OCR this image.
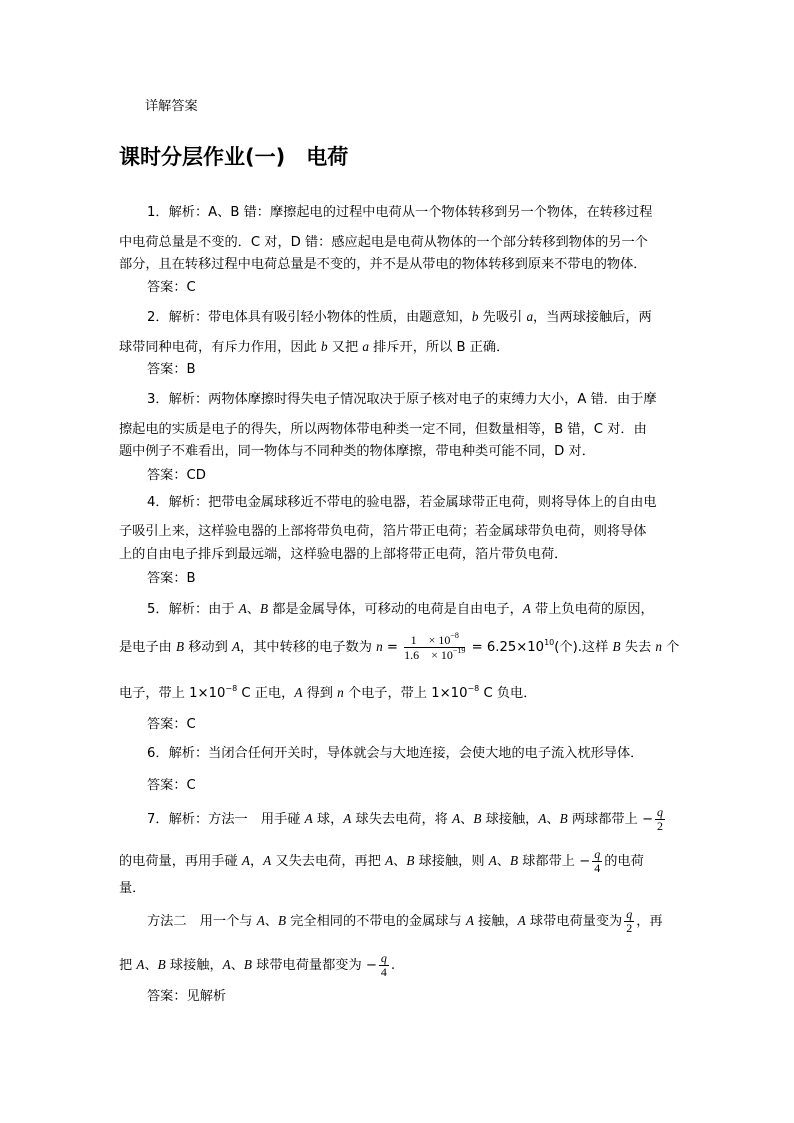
详解答案
课时分层作业(一)　电荷
1．解析：A、B 错：摩擦起电的过程中电荷从一个物体转移到另一个物体，在转移过程
中电荷总量是不变的．C 对，D 错：感应起电是电荷从物体的一个部分转移到物体的另一个
部分，且在转移过程中电荷总量是不变的，并不是从带电的物体转移到原来不带电的物体．
答案：C
2．解析：带电体具有吸引轻小物体的性质，由题意知，b 先吸引 a，当两球接触后，两
球带同种电荷，有斥力作用，因此 b 又把 a 排斥开，所以 B 正确．
答案：B
3．解析：两物体摩擦时得失电子情况取决于原子核对电子的束缚力大小，A 错．由于摩
擦起电的实质是电子的得失，所以两物体带电种类一定不同，但数量相等，B 错，C 对．由
题中例子不难看出，同一物体与不同种类的物体摩擦，带电种类可能不同，D 对．
答案：CD
4．解析：把带电金属球移近不带电的验电器，若金属球带正电荷，则将导体上的自由电
子吸引上来，这样验电器的上部将带负电荷，箔片带正电荷；若金属球带负电荷，则将导体
上的自由电子排斥到最远端，这样验电器的上部将带正电荷，箔片带负电荷．
答案：B
5．解析：由于 A、B 都是金属导体，可移动的电荷是自由电子，A 带上负电荷的原因，
是电子由 B 移动到 A，其中转移的电子数为 $n = \frac{1 \times 10^{-8}}{1.6 \times 10^{-19}} = 6.25\times 10^{10}$(个).这样 B 失去 n 个
电子，带上 $1\times 10^{-8}$ C 正电，A 得到 n 个电子，带上 $1\times 10^{-8}$ C 负电．
答案：C
6．解析：当闭合任何开关时，导体就会与大地连接，会使大地的电子流入枕形导体．
答案：C
7．解析：方法一　用手碰 A 球，A 球失去电荷，将 A、B 球接触，A、B 两球都带上 − $\frac{q}{2}$
的电荷量，再用手碰 A，A 又失去电荷，再把 A、B 球接触，则 A、B 球都带上 − $\frac{q}{4}$ 的电荷
量．
方法二　用一个与 A、B 完全相同的不带电的金属球与 A 接触，A 球带电荷量变为 $\frac{q}{2}$ ，再
把 A、B 球接触，A、B 球带电荷量都变为 − $\frac{q}{4}$ .
答案：见解析
